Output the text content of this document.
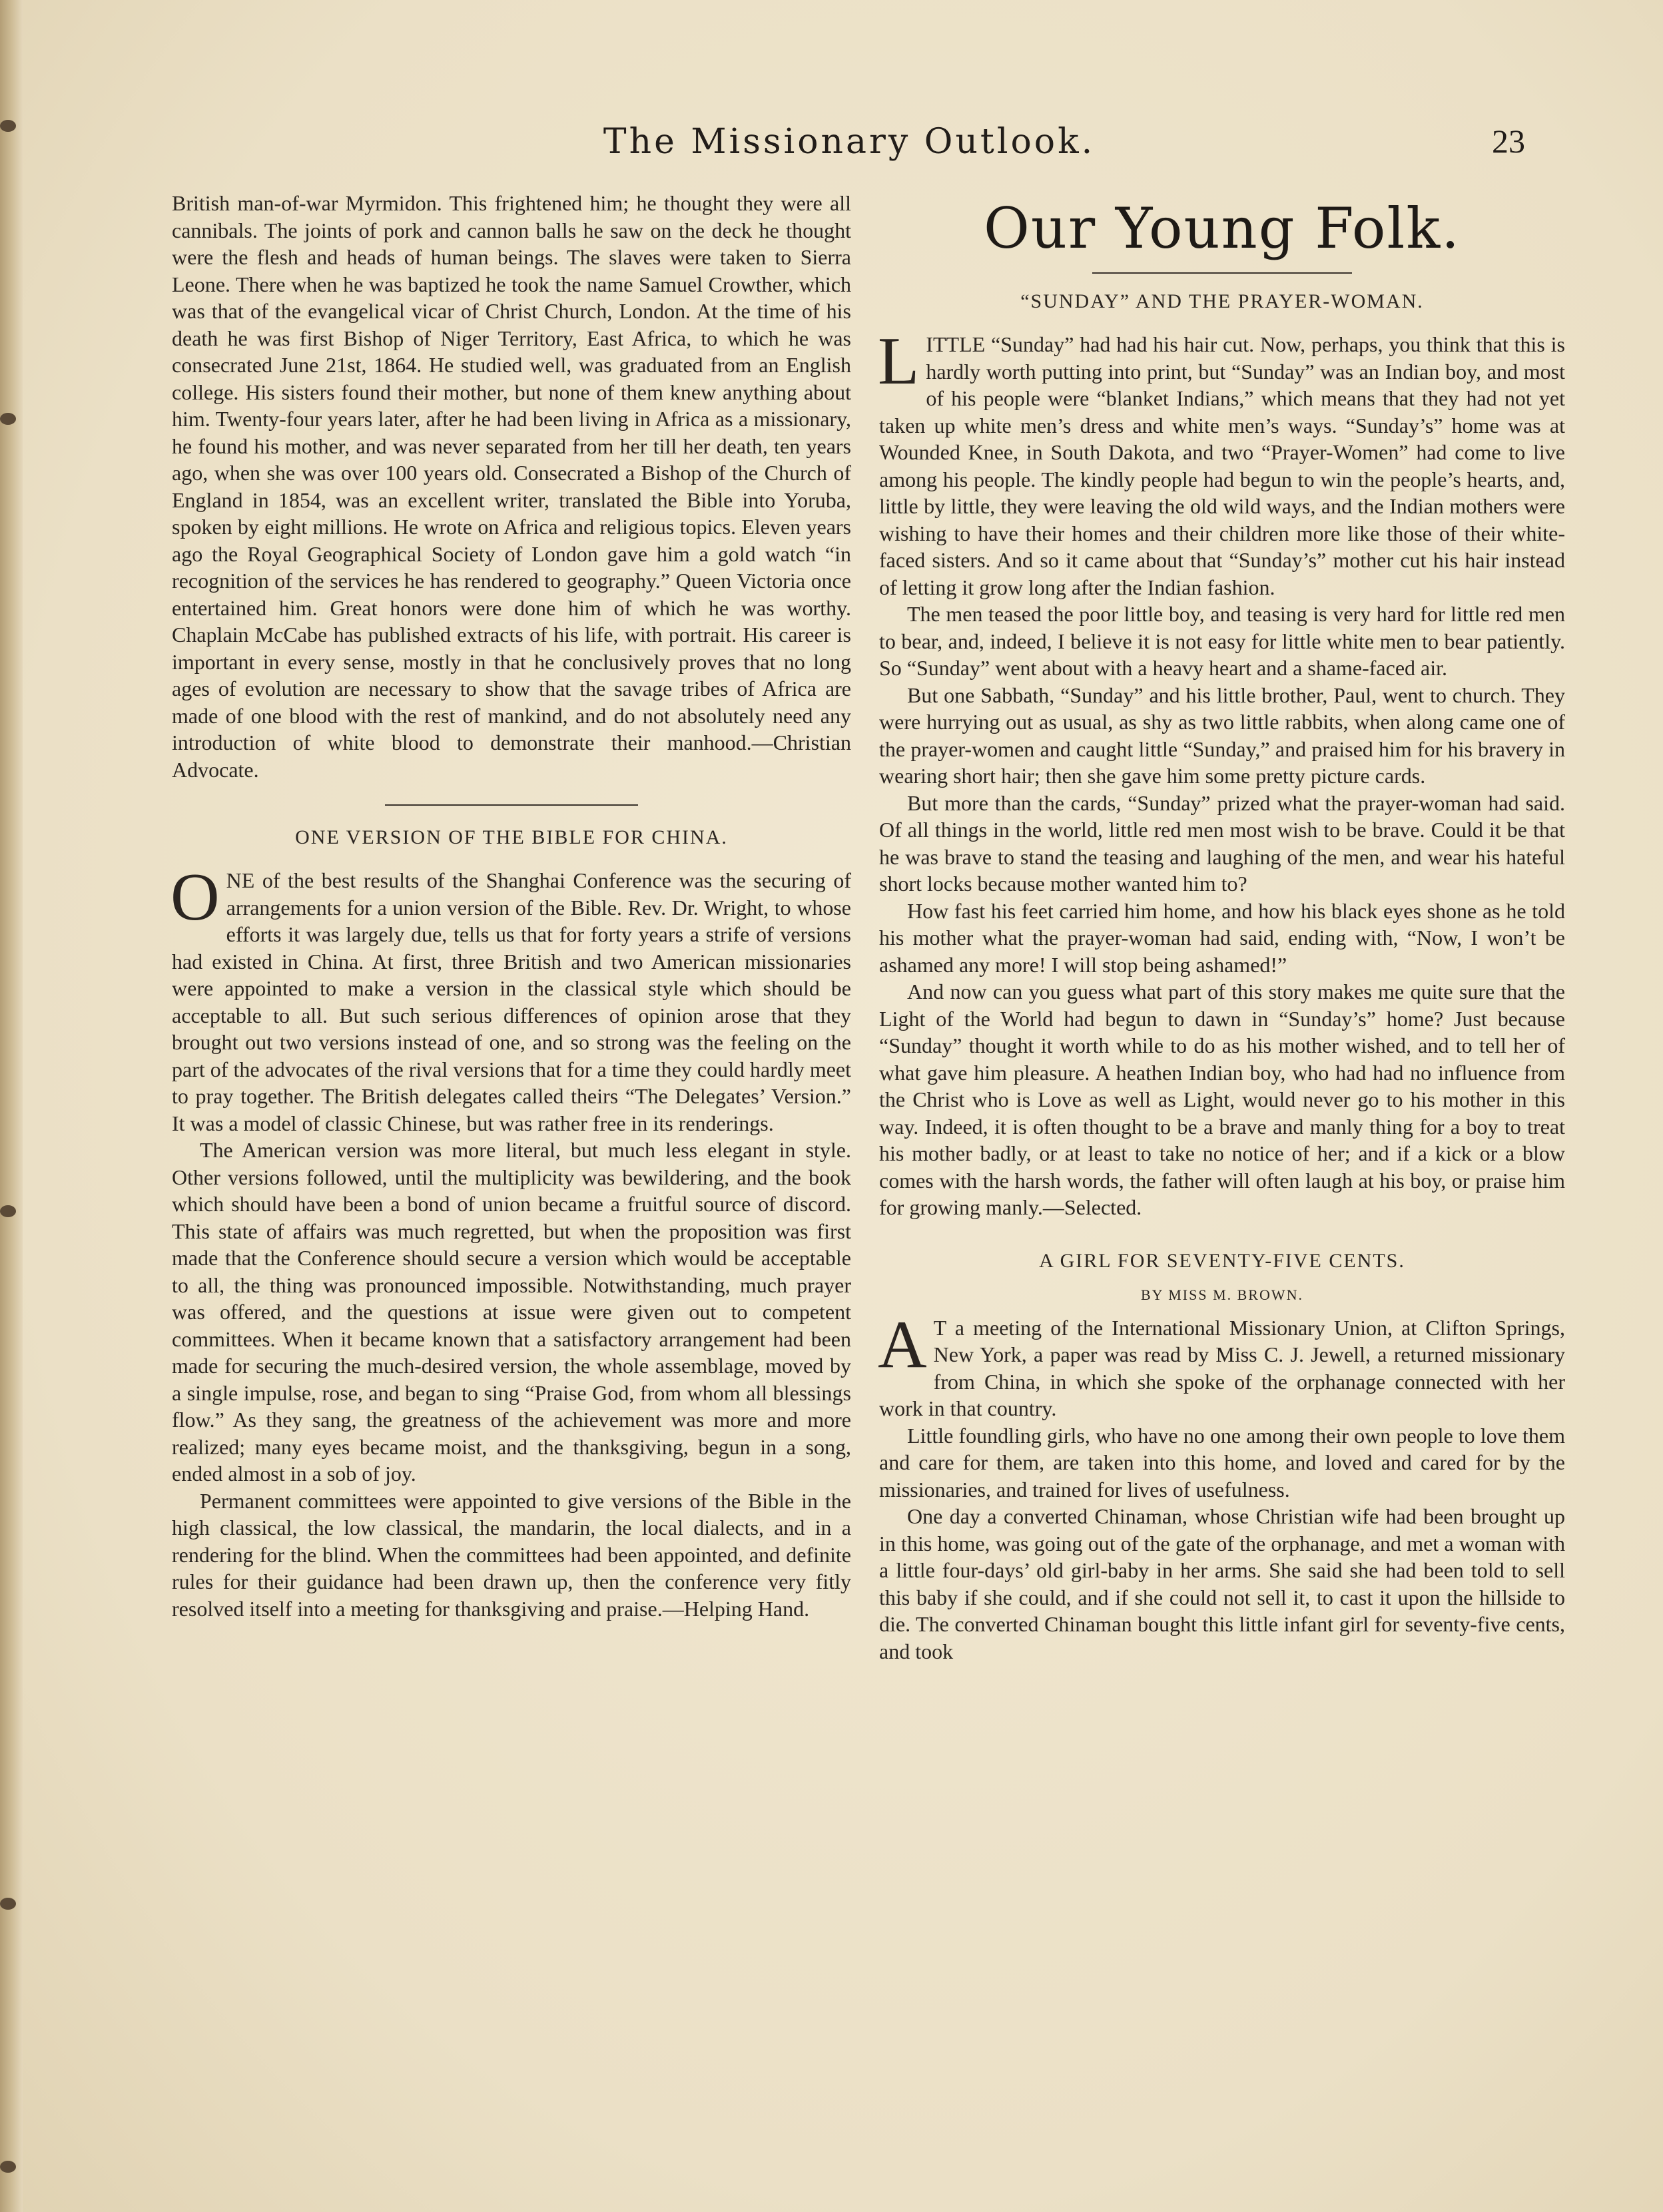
The Missionary Outlook.	23

British man-of-war Myrmidon. This frightened him; he thought they were all cannibals. The joints of pork and cannon balls he saw on the deck he thought were the flesh and heads of human beings. The slaves were taken to Sierra Leone. There when he was baptized he took the name Samuel Crowther, which was that of the evangelical vicar of Christ Church, London. At the time of his death he was first Bishop of Niger Territory, East Africa, to which he was consecrated June 21st, 1864. He studied well, was graduated from an English college. His sisters found their mother, but none of them knew anything about him. Twenty-four years later, after he had been living in Africa as a missionary, he found his mother, and was never separated from her till her death, ten years ago, when she was over 100 years old. Consecrated a Bishop of the Church of England in 1854, was an excellent writer, translated the Bible into Yoruba, spoken by eight millions. He wrote on Africa and religious topics. Eleven years ago the Royal Geographical Society of London gave him a gold watch “in recognition of the services he has rendered to geography.” Queen Victoria once entertained him. Great honors were done him of which he was worthy. Chaplain McCabe has published extracts of his life, with portrait. His career is important in every sense, mostly in that he conclusively proves that no long ages of evolution are necessary to show that the savage tribes of Africa are made of one blood with the rest of mankind, and do not absolutely need any introduction of white blood to demonstrate their manhood.—Christian Advocate.

ONE VERSION OF THE BIBLE FOR CHINA.

ONE of the best results of the Shanghai Conference was the securing of arrangements for a union version of the Bible. Rev. Dr. Wright, to whose efforts it was largely due, tells us that for forty years a strife of versions had existed in China. At first, three British and two American missionaries were appointed to make a version in the classical style which should be acceptable to all. But such serious differences of opinion arose that they brought out two versions instead of one, and so strong was the feeling on the part of the advocates of the rival versions that for a time they could hardly meet to pray together. The British delegates called theirs “The Delegates’ Version.” It was a model of classic Chinese, but was rather free in its renderings.

The American version was more literal, but much less elegant in style. Other versions followed, until the multiplicity was bewildering, and the book which should have been a bond of union became a fruitful source of discord. This state of affairs was much regretted, but when the proposition was first made that the Conference should secure a version which would be acceptable to all, the thing was pronounced impossible. Notwithstanding, much prayer was offered, and the questions at issue were given out to competent committees. When it became known that a satisfactory arrangement had been made for securing the much-desired version, the whole assemblage, moved by a single impulse, rose, and began to sing “Praise God, from whom all blessings flow.” As they sang, the greatness of the achievement was more and more realized; many eyes became moist, and the thanksgiving, begun in a song, ended almost in a sob of joy.

Permanent committees were appointed to give versions of the Bible in the high classical, the low classical, the mandarin, the local dialects, and in a rendering for the blind. When the committees had been appointed, and definite rules for their guidance had been drawn up, then the conference very fitly resolved itself into a meeting for thanksgiving and praise.—Helping Hand.

Our Young Folk.
“SUNDAY” AND THE PRAYER-WOMAN.

LITTLE “Sunday” had had his hair cut. Now, perhaps, you think that this is hardly worth putting into print, but “Sunday” was an Indian boy, and most of his people were “blanket Indians,” which means that they had not yet taken up white men’s dress and white men’s ways. “Sunday’s” home was at Wounded Knee, in South Dakota, and two “Prayer-Women” had come to live among his people. The kindly people had begun to win the people’s hearts, and, little by little, they were leaving the old wild ways, and the Indian mothers were wishing to have their homes and their children more like those of their white-faced sisters. And so it came about that “Sunday’s” mother cut his hair instead of letting it grow long after the Indian fashion.

The men teased the poor little boy, and teasing is very hard for little red men to bear, and, indeed, I believe it is not easy for little white men to bear patiently. So “Sunday” went about with a heavy heart and a shame-faced air.

But one Sabbath, “Sunday” and his little brother, Paul, went to church. They were hurrying out as usual, as shy as two little rabbits, when along came one of the prayer-women and caught little “Sunday,” and praised him for his bravery in wearing short hair; then she gave him some pretty picture cards.

But more than the cards, “Sunday” prized what the prayer-woman had said. Of all things in the world, little red men most wish to be brave. Could it be that he was brave to stand the teasing and laughing of the men, and wear his hateful short locks because mother wanted him to?

How fast his feet carried him home, and how his black eyes shone as he told his mother what the prayer-woman had said, ending with, “Now, I won’t be ashamed any more! I will stop being ashamed!”

And now can you guess what part of this story makes me quite sure that the Light of the World had begun to dawn in “Sunday’s” home? Just because “Sunday” thought it worth while to do as his mother wished, and to tell her of what gave him pleasure. A heathen Indian boy, who had had no influence from the Christ who is Love as well as Light, would never go to his mother in this way. Indeed, it is often thought to be a brave and manly thing for a boy to treat his mother badly, or at least to take no notice of her; and if a kick or a blow comes with the harsh words, the father will often laugh at his boy, or praise him for growing manly.—Selected.

A GIRL FOR SEVENTY-FIVE CENTS.
BY MISS M. BROWN.

A T a meeting of the International Missionary Union, at Clifton Springs, New York, a paper was read by Miss C. J. Jewell, a returned missionary from China, in which she spoke of the orphanage connected with her work in that country.

Little foundling girls, who have no one among their own people to love them and care for them, are taken into this home, and loved and cared for by the missionaries, and trained for lives of usefulness.

One day a converted Chinaman, whose Christian wife had been brought up in this home, was going out of the gate of the orphanage, and met a woman with a little four-days’ old girl-baby in her arms. She said she had been told to sell this baby if she could, and if she could not sell it, to cast it upon the hillside to die. The converted Chinaman bought this little infant girl for seventy-five cents, and took
